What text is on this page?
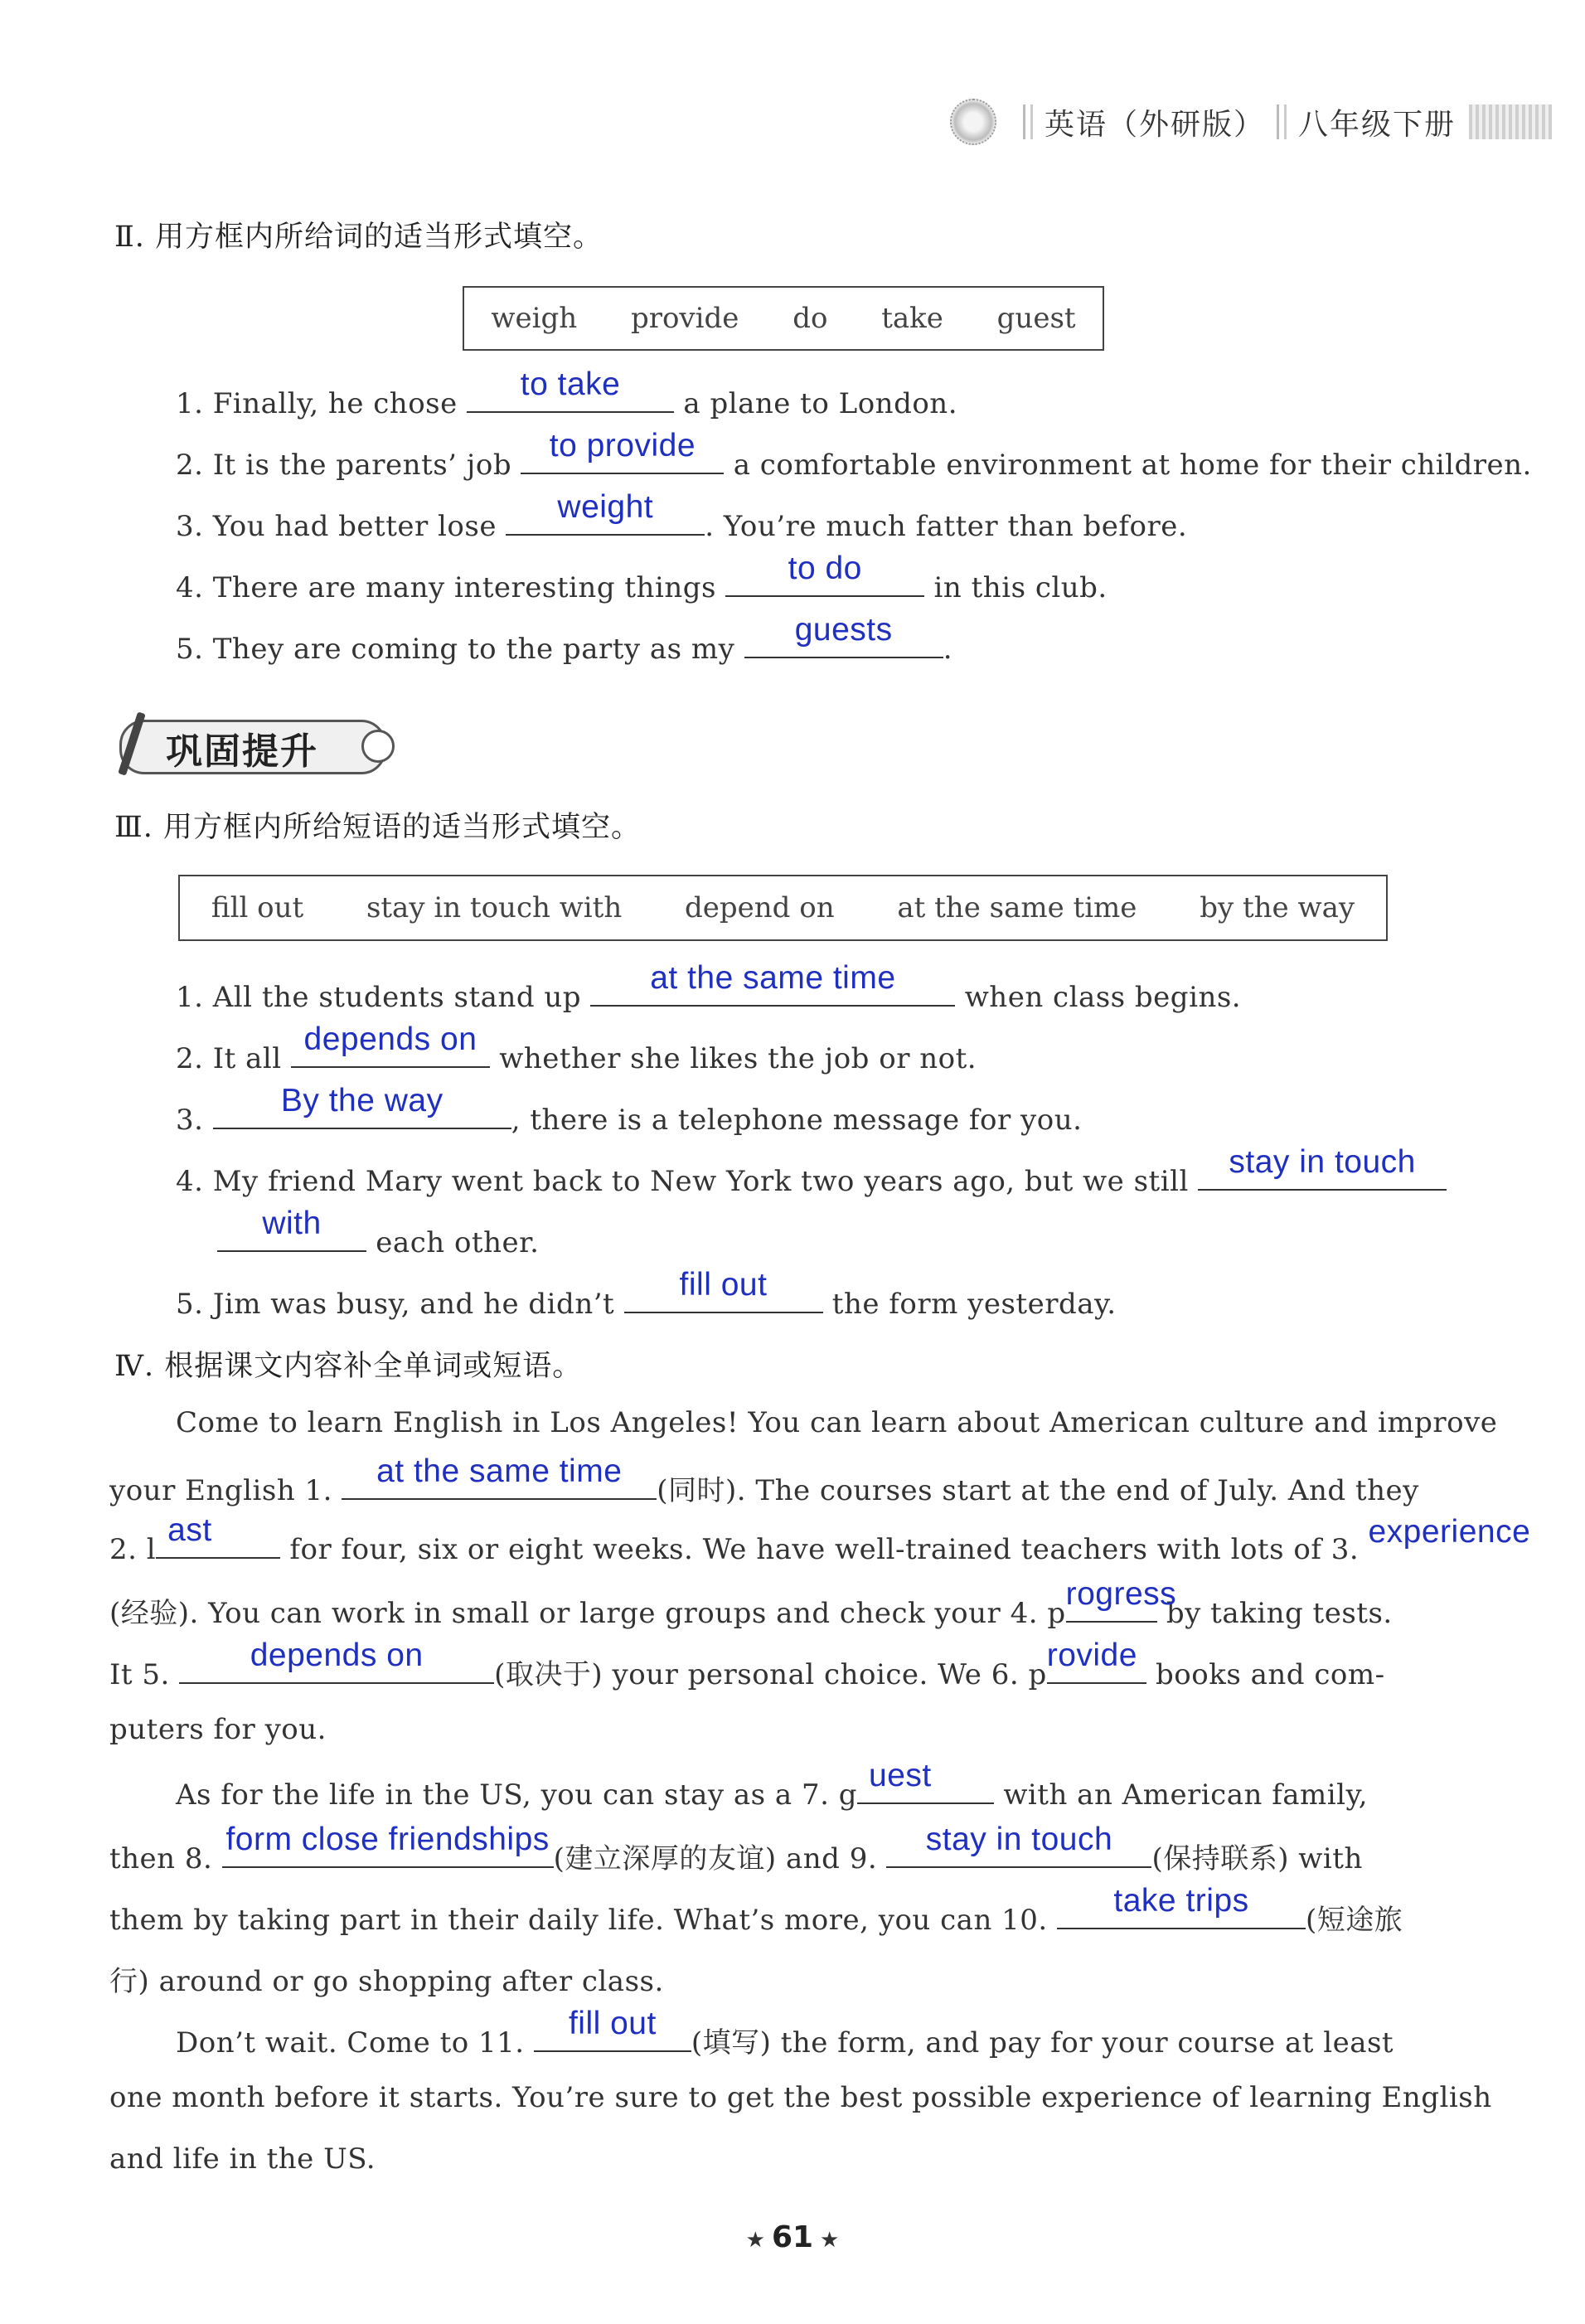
英语（外研版） 八年级下册
Ⅱ. 用方框内所给词的适当形式填空。
weigh provide do take guest
1. Finally, he chose
to take
a plane to London.
2. It is the parents’ job
to provide
a comfortable environment at home for their children.
3. You had better lose
weight
. You’re much fatter than before.
4. There are many interesting things
to do
in this club.
5. They are coming to the party as my
guests
.
巩固提升
Ⅲ. 用方框内所给短语的适当形式填空。
fill out stay in touch with depend on at the same time by the way
1. All the students stand up
at the same time
when class begins.
2. It all
depends on
whether she likes the job or not.
3.
By the way
, there is a telephone message for you.
4. My friend Mary went back to New York two years ago, but we still
stay in touch
with
each other.
5. Jim was busy, and he didn’t
fill out
the form yesterday.
Ⅳ. 根据课文内容补全单词或短语。
Come to learn English in Los Angeles! You can learn about American culture and improve
your English 1.
at the same time
(同时). The courses start at the end of July. And they
2. l
ast
for four, six or eight weeks. We have well-trained teachers with lots of 3. experience
(经验). You can work in small or large groups and check your 4. p
rogress
by taking tests.
It 5.
depends on
(取决于) your personal choice. We 6. p
rovide
books and com-
puters for you.
As for the life in the US, you can stay as a 7. g
uest
with an American family,
then 8.
form close friendships
(建立深厚的友谊) and 9.
stay in touch
(保持联系) with
them by taking part in their daily life. What’s more, you can 10.
take trips
(短途旅
行) around or go shopping after class.
Don’t wait. Come to 11.
fill out
(填写) the form, and pay for your course at least
one month before it starts. You’re sure to get the best possible experience of learning English
and life in the US.
★ 61 ★
